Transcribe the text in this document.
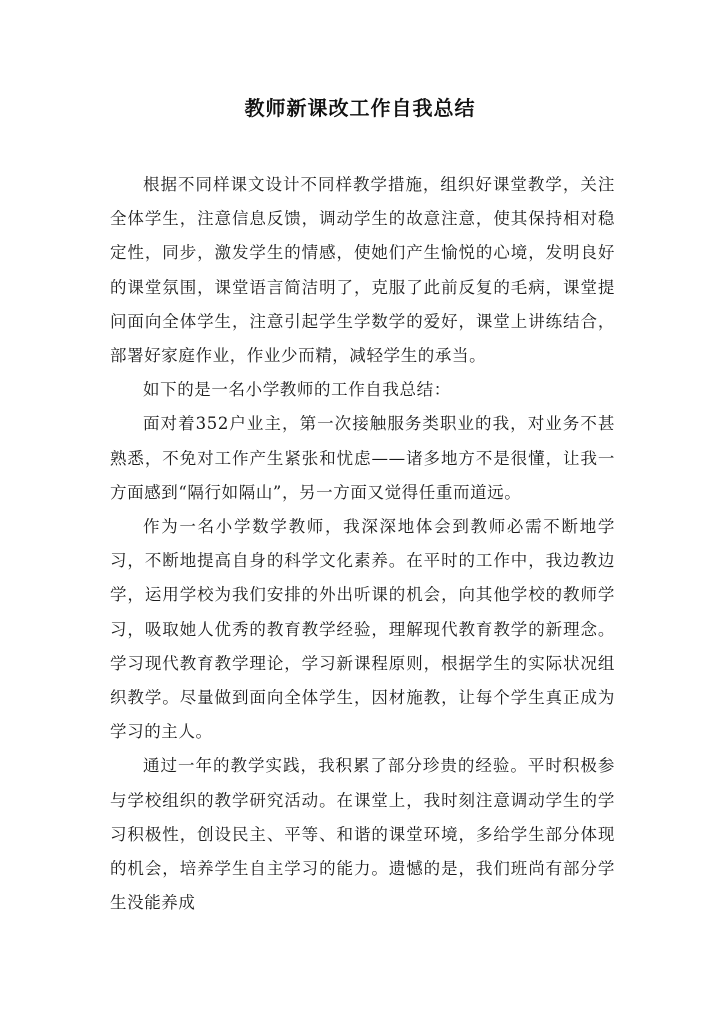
教师新课改工作自我总结

根据不同样课文设计不同样教学措施，组织好课堂教学，关注全体学生，注意信息反馈，调动学生的故意注意，使其保持相对稳定性，同步，激发学生的情感，使她们产生愉悦的心境，发明良好的课堂氛围，课堂语言简洁明了，克服了此前反复的毛病，课堂提问面向全体学生，注意引起学生学数学的爱好，课堂上讲练结合，部署好家庭作业，作业少而精，减轻学生的承当。

如下的是一名小学教师的工作自我总结：

面对着352户业主，第一次接触服务类职业的我，对业务不甚熟悉，不免对工作产生紧张和忧虑——诸多地方不是很懂，让我一方面感到“隔行如隔山”，另一方面又觉得任重而道远。

作为一名小学数学教师，我深深地体会到教师必需不断地学习，不断地提高自身的科学文化素养。在平时的工作中，我边教边学，运用学校为我们安排的外出听课的机会，向其他学校的教师学习，吸取她人优秀的教育教学经验，理解现代教育教学的新理念。学习现代教育教学理论，学习新课程原则，根据学生的实际状况组织教学。尽量做到面向全体学生，因材施教，让每个学生真正成为学习的主人。

通过一年的教学实践，我积累了部分珍贵的经验。平时积极参与学校组织的教学研究活动。在课堂上，我时刻注意调动学生的学习积极性，创设民主、平等、和谐的课堂环境，多给学生部分体现的机会，培养学生自主学习的能力。遗憾的是，我们班尚有部分学生没能养成
